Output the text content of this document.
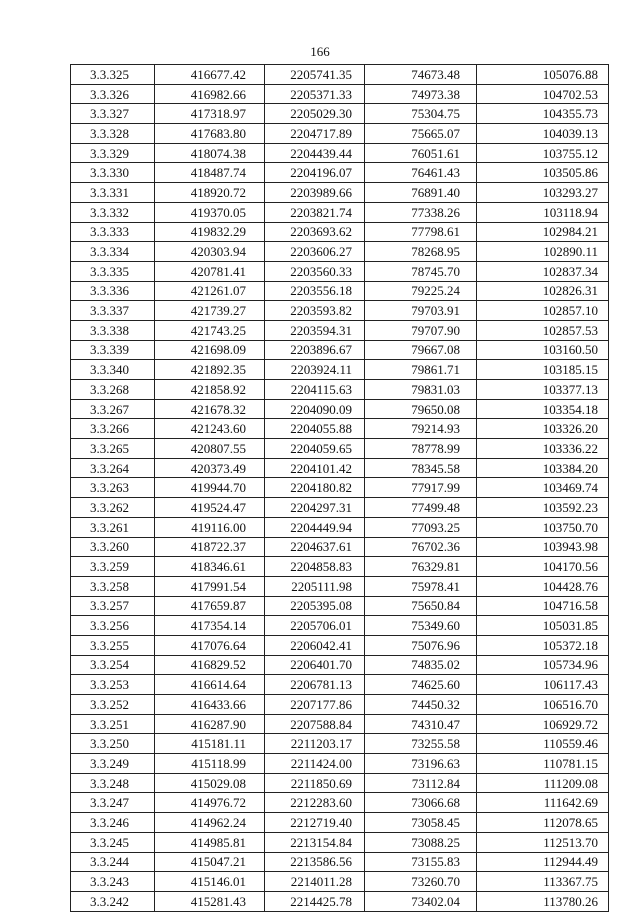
166
3.3.325	416677.42	2205741.35	74673.48	105076.88
3.3.326	416982.66	2205371.33	74973.38	104702.53
3.3.327	417318.97	2205029.30	75304.75	104355.73
3.3.328	417683.80	2204717.89	75665.07	104039.13
3.3.329	418074.38	2204439.44	76051.61	103755.12
3.3.330	418487.74	2204196.07	76461.43	103505.86
3.3.331	418920.72	2203989.66	76891.40	103293.27
3.3.332	419370.05	2203821.74	77338.26	103118.94
3.3.333	419832.29	2203693.62	77798.61	102984.21
3.3.334	420303.94	2203606.27	78268.95	102890.11
3.3.335	420781.41	2203560.33	78745.70	102837.34
3.3.336	421261.07	2203556.18	79225.24	102826.31
3.3.337	421739.27	2203593.82	79703.91	102857.10
3.3.338	421743.25	2203594.31	79707.90	102857.53
3.3.339	421698.09	2203896.67	79667.08	103160.50
3.3.340	421892.35	2203924.11	79861.71	103185.15
3.3.268	421858.92	2204115.63	79831.03	103377.13
3.3.267	421678.32	2204090.09	79650.08	103354.18
3.3.266	421243.60	2204055.88	79214.93	103326.20
3.3.265	420807.55	2204059.65	78778.99	103336.22
3.3.264	420373.49	2204101.42	78345.58	103384.20
3.3.263	419944.70	2204180.82	77917.99	103469.74
3.3.262	419524.47	2204297.31	77499.48	103592.23
3.3.261	419116.00	2204449.94	77093.25	103750.70
3.3.260	418722.37	2204637.61	76702.36	103943.98
3.3.259	418346.61	2204858.83	76329.81	104170.56
3.3.258	417991.54	2205111.98	75978.41	104428.76
3.3.257	417659.87	2205395.08	75650.84	104716.58
3.3.256	417354.14	2205706.01	75349.60	105031.85
3.3.255	417076.64	2206042.41	75076.96	105372.18
3.3.254	416829.52	2206401.70	74835.02	105734.96
3.3.253	416614.64	2206781.13	74625.60	106117.43
3.3.252	416433.66	2207177.86	74450.32	106516.70
3.3.251	416287.90	2207588.84	74310.47	106929.72
3.3.250	415181.11	2211203.17	73255.58	110559.46
3.3.249	415118.99	2211424.00	73196.63	110781.15
3.3.248	415029.08	2211850.69	73112.84	111209.08
3.3.247	414976.72	2212283.60	73066.68	111642.69
3.3.246	414962.24	2212719.40	73058.45	112078.65
3.3.245	414985.81	2213154.84	73088.25	112513.70
3.3.244	415047.21	2213586.56	73155.83	112944.49
3.3.243	415146.01	2214011.28	73260.70	113367.75
3.3.242	415281.43	2214425.78	73402.04	113780.26
